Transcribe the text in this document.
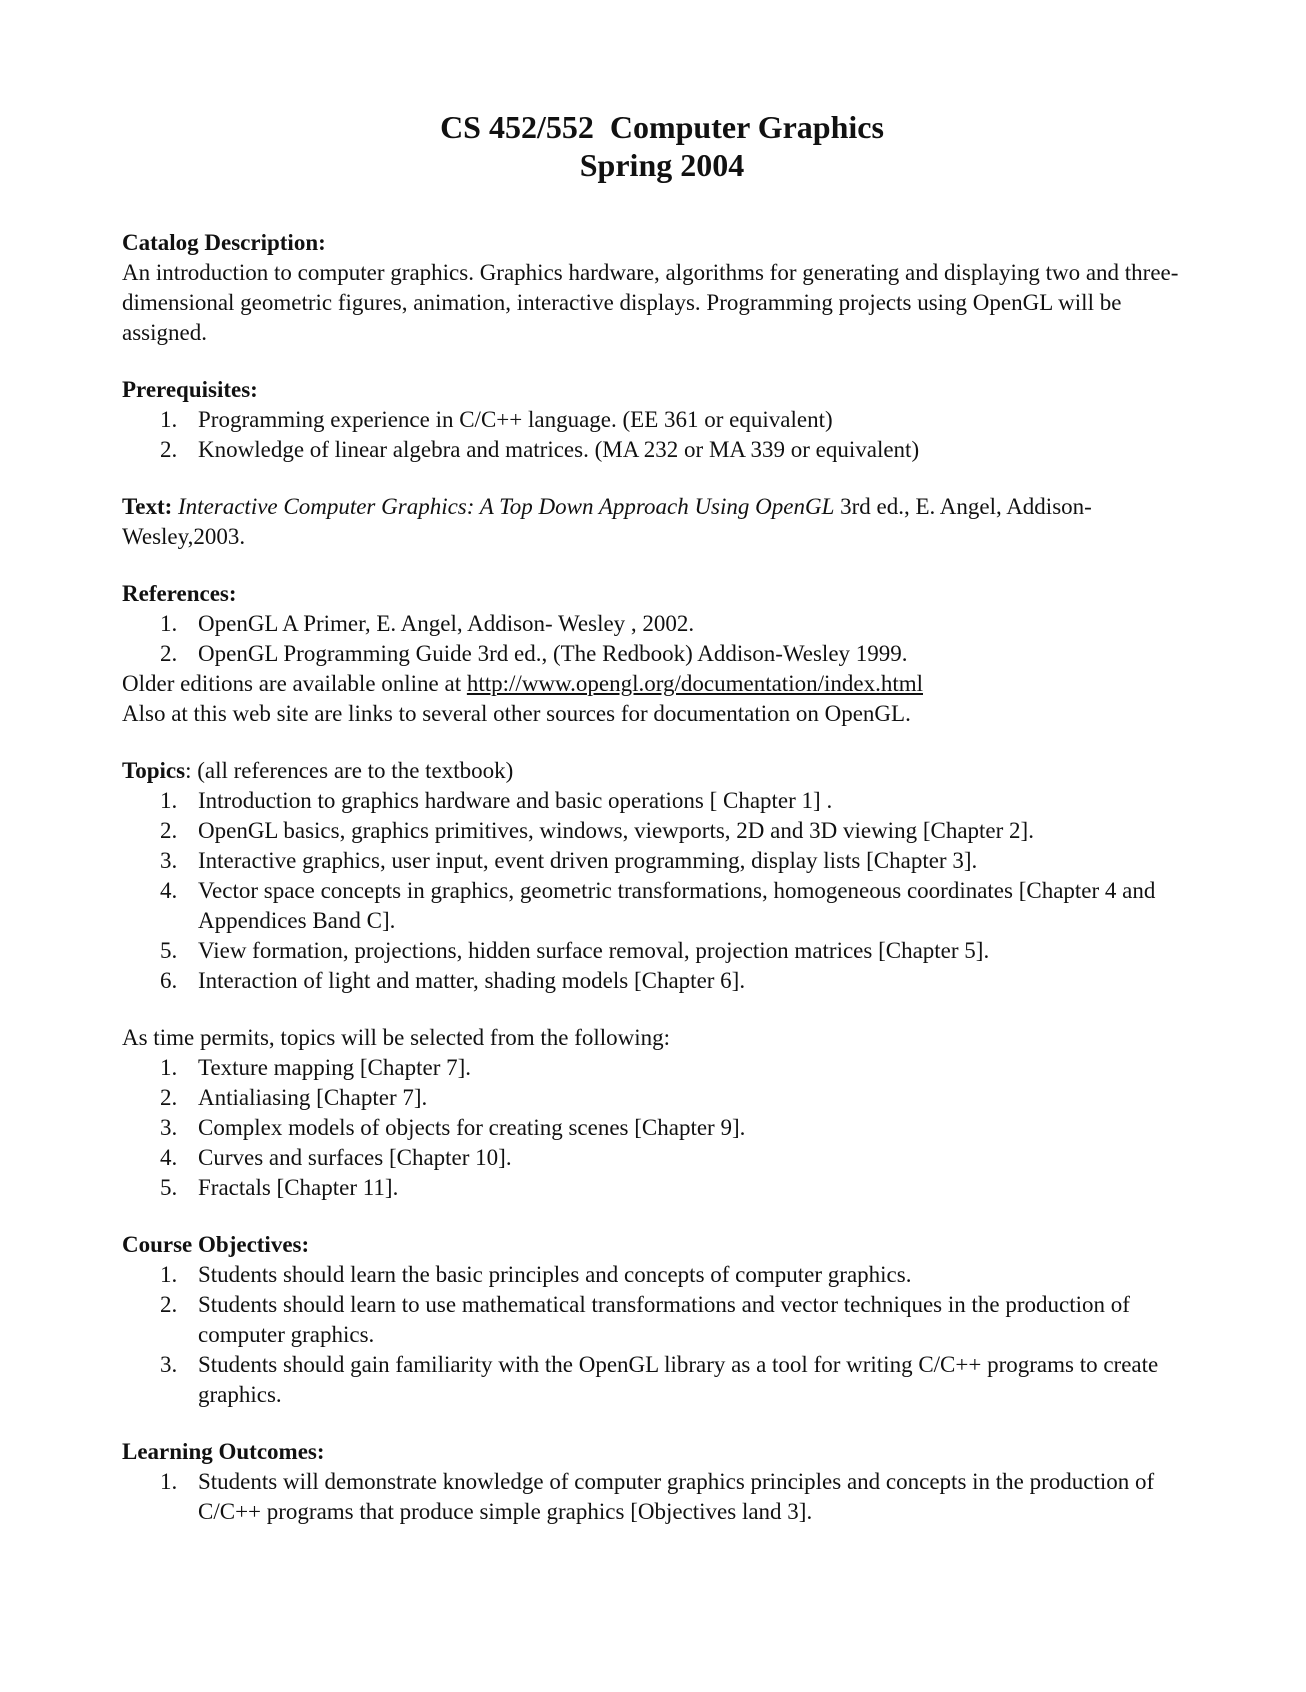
CS 452/552  Computer Graphics
Spring 2004
Catalog Description:

An introduction to computer graphics. Graphics hardware, algorithms for generating and displaying two and three-dimensional geometric figures, animation, interactive displays. Programming projects using OpenGL will be assigned.

Prerequisites:
1. Programming experience in C/C++ language. (EE 361 or equivalent)
2. Knowledge of linear algebra and matrices. (MA 232 or MA 339 or equivalent)

Text: Interactive Computer Graphics: A Top Down Approach Using OpenGL 3rd ed., E. Angel, Addison-Wesley,2003.

References:
1. OpenGL A Primer, E. Angel, Addison- Wesley , 2002.
2. OpenGL Programming Guide 3rd ed., (The Redbook) Addison-Wesley 1999.

Older editions are available online at http://www.opengl.org/documentation/index.html

Also at this web site are links to several other sources for documentation on OpenGL.

Topics: (all references are to the textbook)

1. Introduction to graphics hardware and basic operations [ Chapter 1] .
2. OpenGL basics, graphics primitives, windows, viewports, 2D and 3D viewing [Chapter 2].
3. Interactive graphics, user input, event driven programming, display lists [Chapter 3].
4. Vector space concepts in graphics, geometric transformations, homogeneous coordinates [Chapter 4 and Appendices Band C].
5. View formation, projections, hidden surface removal, projection matrices [Chapter 5].
6. Interaction of light and matter, shading models [Chapter 6].

As time permits, topics will be selected from the following:

1. Texture mapping [Chapter 7].
2. Antialiasing [Chapter 7].
3. Complex models of objects for creating scenes [Chapter 9].
4. Curves and surfaces [Chapter 10].
5. Fractals [Chapter 11].
Course Objectives:
1. Students should learn the basic principles and concepts of computer graphics.
2. Students should learn to use mathematical transformations and vector techniques in the production of computer graphics.
3. Students should gain familiarity with the OpenGL library as a tool for writing C/C++ programs to create graphics.
Learning Outcomes:
1. Students will demonstrate knowledge of computer graphics principles and concepts in the production of C/C++ programs that produce simple graphics [Objectives land 3].
